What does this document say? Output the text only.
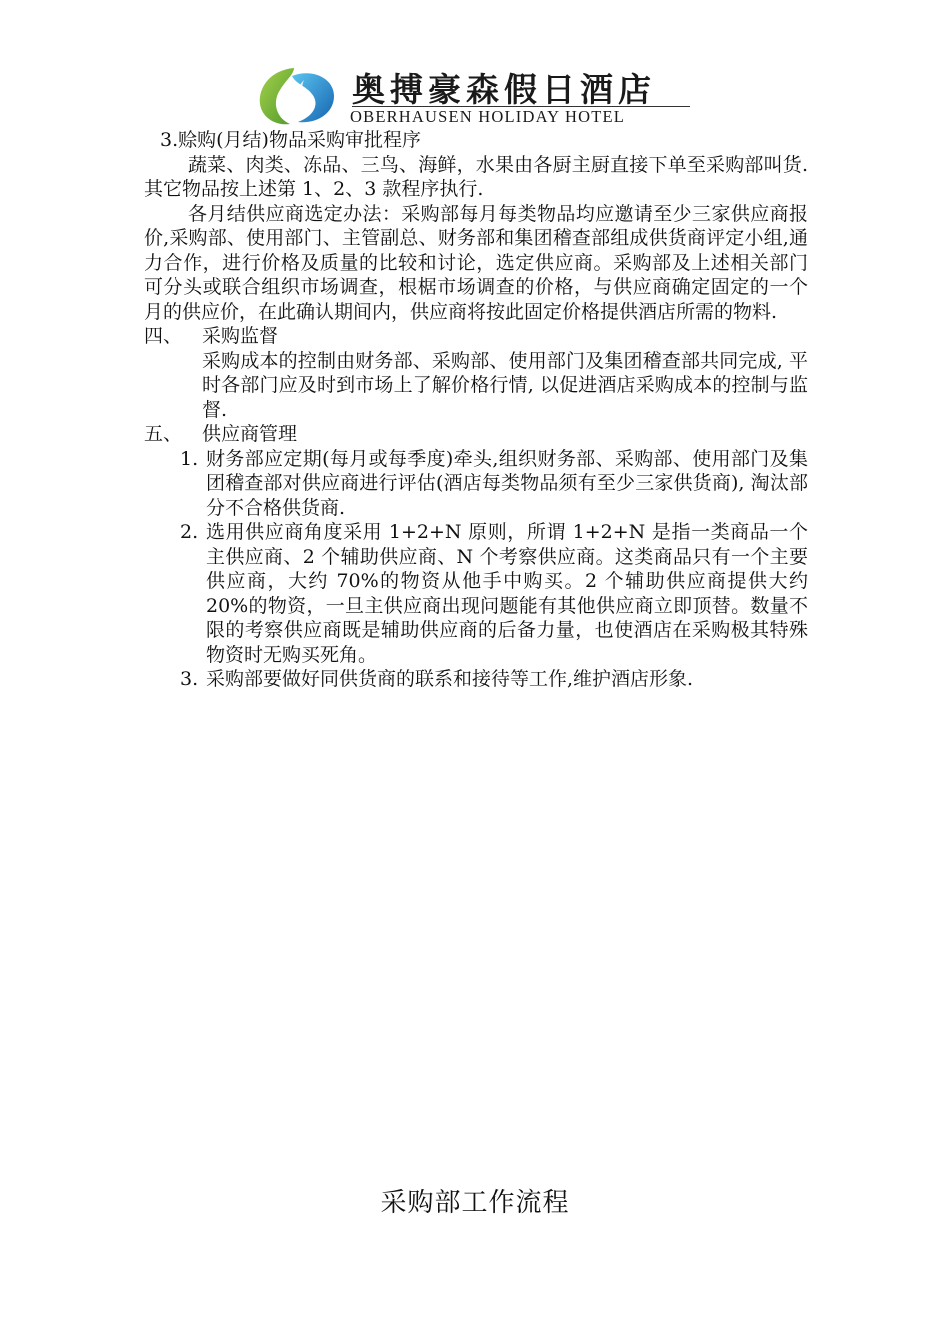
奥搏豪森假日酒店
OBERHAUSEN HOLIDAY HOTEL

3.赊购(月结)物品采购审批程序

蔬菜、肉类、冻品、三鸟、海鲜，水果由各厨主厨直接下单至采购部叫货.其它物品按上述第 1、2、3 款程序执行.

各月结供应商选定办法：采购部每月每类物品均应邀请至少三家供应商报价,采购部、使用部门、主管副总、财务部和集团稽查部组成供货商评定小组,通力合作，进行价格及质量的比较和讨论，选定供应商。采购部及上述相关部门可分头或联合组织市场调查，根椐市场调查的价格，与供应商确定固定的一个月的供应价，在此确认期间内，供应商将按此固定价格提供酒店所需的物料.

四、	采购监督

采购成本的控制由财务部、采购部、使用部门及集团稽查部共同完成, 平时各部门应及时到市场上了解价格行情, 以促进酒店采购成本的控制与监督.

五、	供应商管理
1. 财务部应定期(每月或每季度)牵头,组织财务部、采购部、使用部门及集团稽查部对供应商进行评估(酒店每类物品须有至少三家供货商), 淘汰部分不合格供货商.
2. 选用供应商角度采用 1+2+N 原则，所谓 1+2+N 是指一类商品一个主供应商、2 个辅助供应商、N 个考察供应商。这类商品只有一个主要供应商，大约 70%的物资从他手中购买。2 个辅助供应商提供大约 20%的物资，一旦主供应商出现问题能有其他供应商立即顶替。数量不限的考察供应商既是辅助供应商的后备力量，也使酒店在采购极其特殊物资时无购买死角。
3. 采购部要做好同供货商的联系和接待等工作,维护酒店形象.
采购部工作流程
